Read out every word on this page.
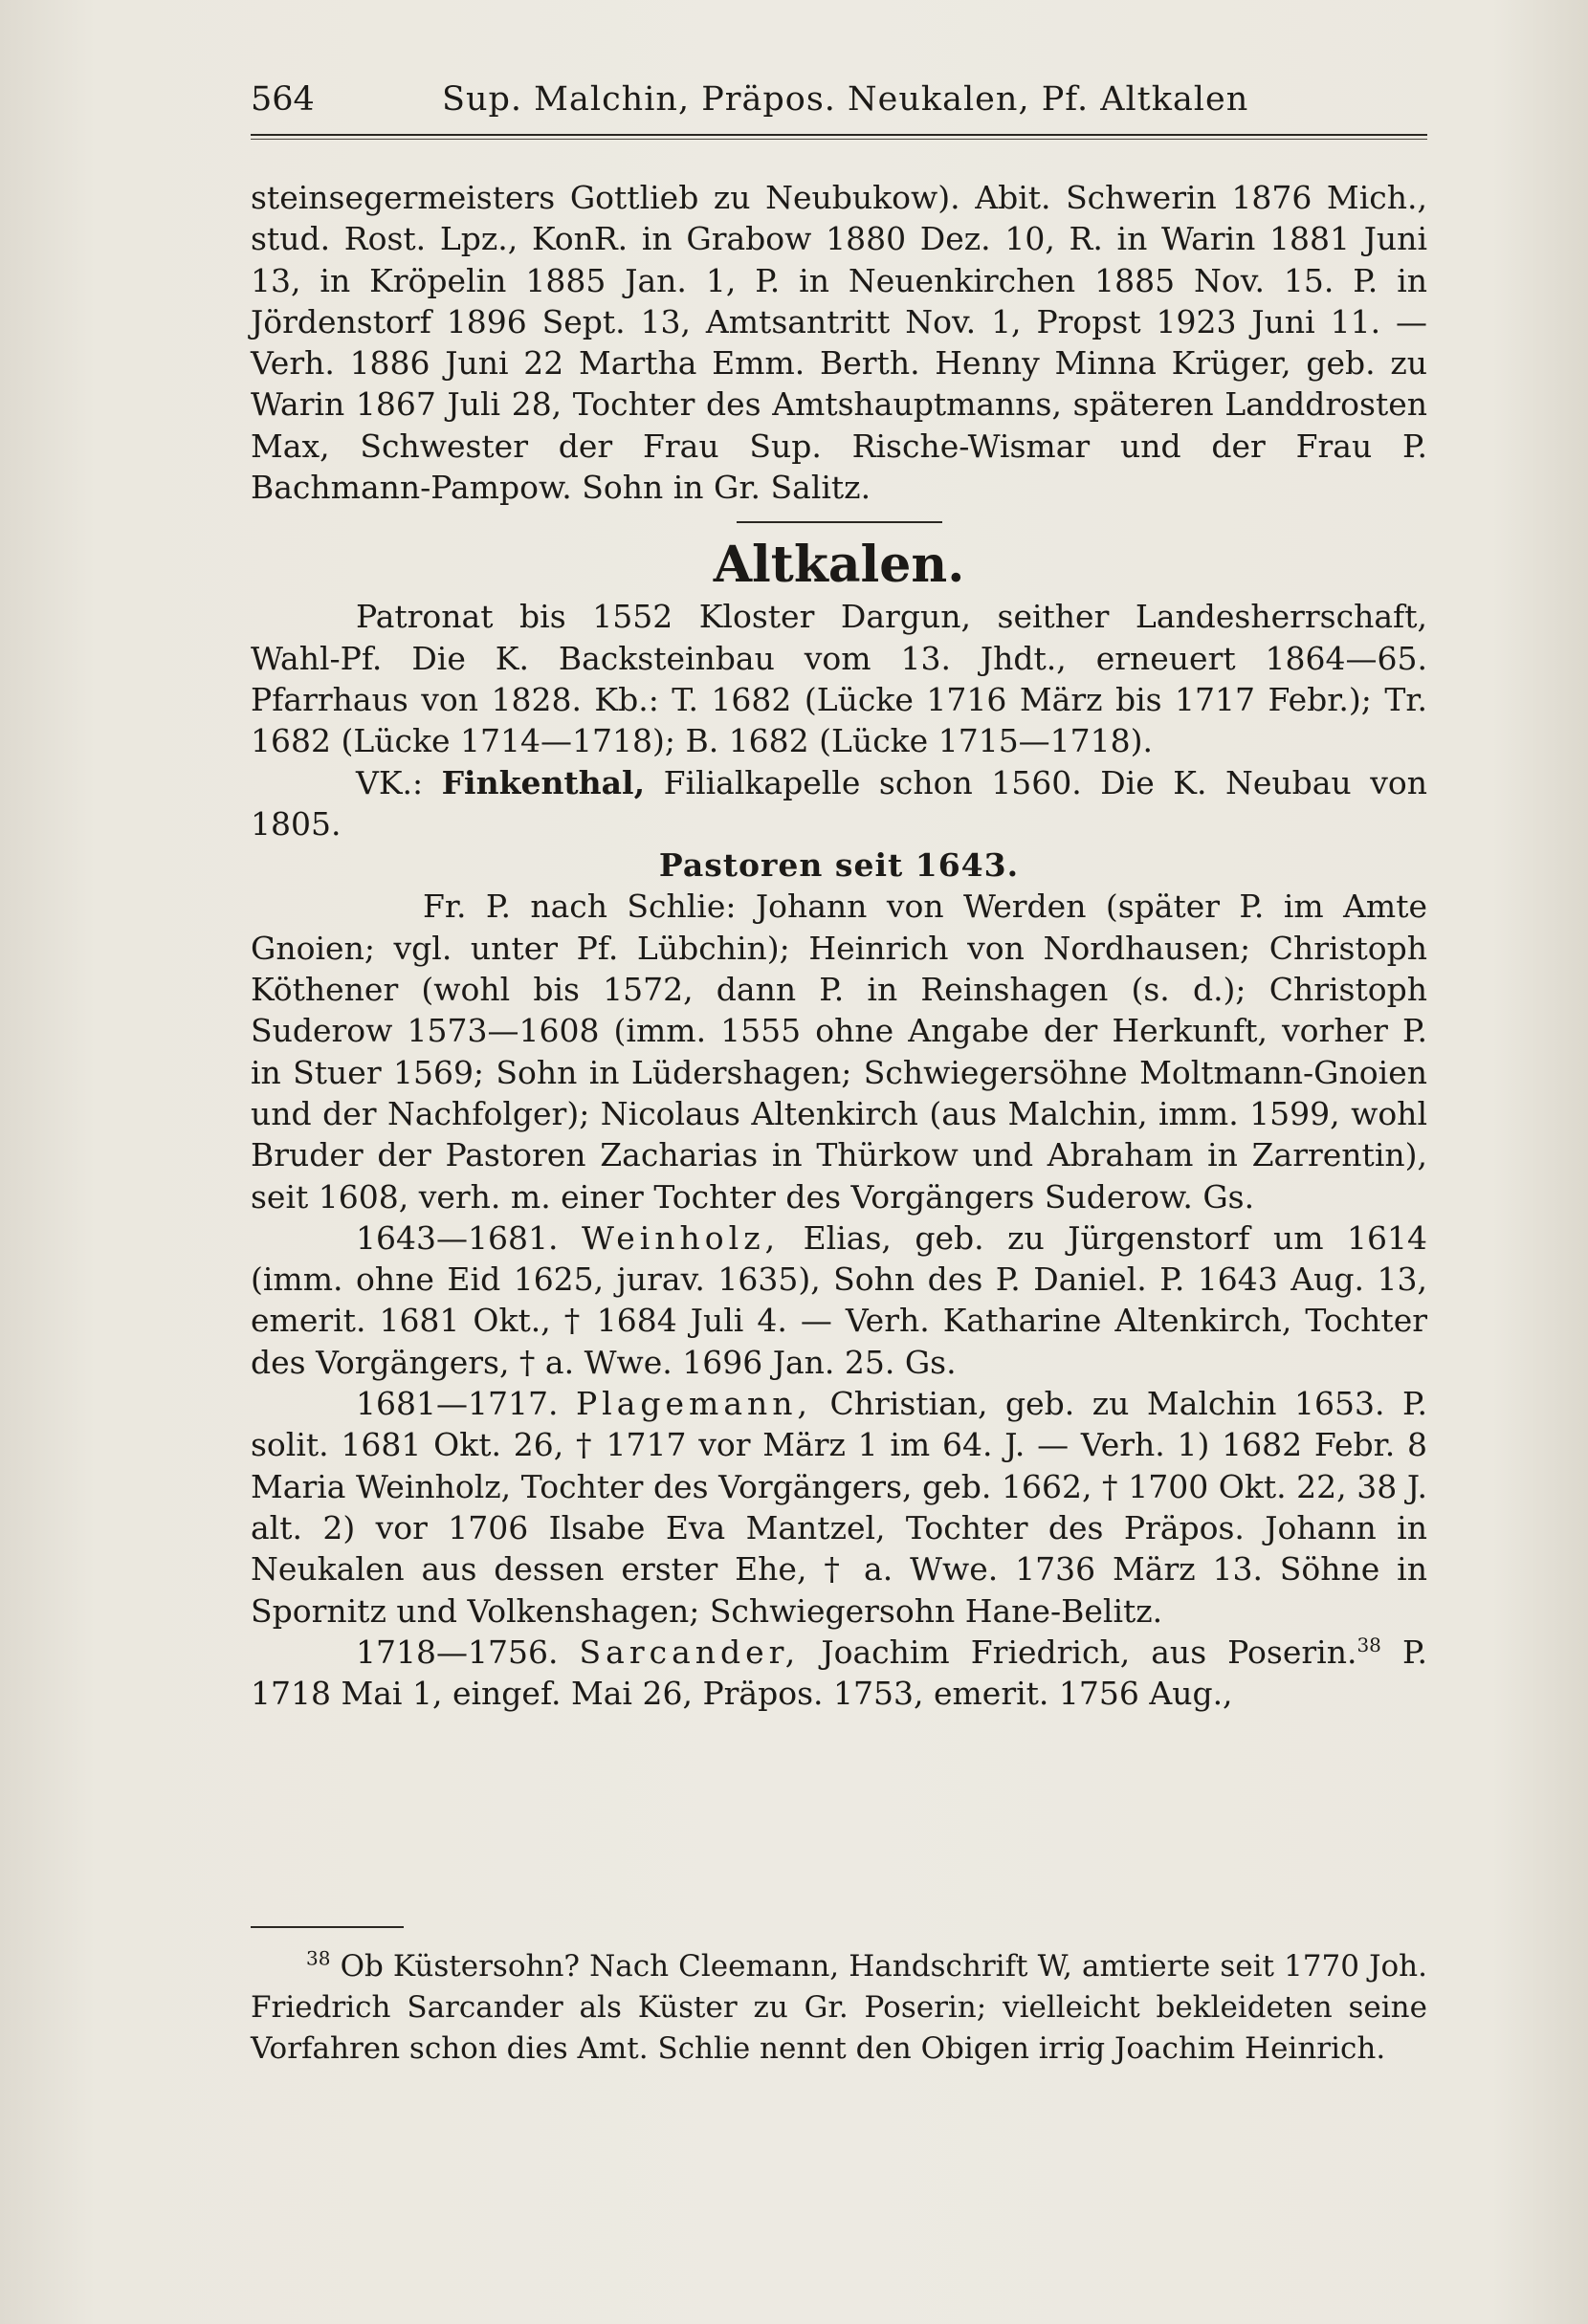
564	Sup. Malchin, Präpos. Neukalen, Pf. Altkalen

steinsegermeisters Gottlieb zu Neubukow). Abit. Schwerin 1876 Mich., stud. Rost. Lpz., KonR. in Grabow 1880 Dez. 10, R. in Warin 1881 Juni 13, in Kröpelin 1885 Jan. 1, P. in Neuenkirchen 1885 Nov. 15. P. in Jördenstorf 1896 Sept. 13, Amtsantritt Nov. 1, Propst 1923 Juni 11. — Verh. 1886 Juni 22 Martha Emm. Berth. Henny Minna Krüger, geb. zu Warin 1867 Juli 28, Tochter des Amtshauptmanns, späteren Landdrosten Max, Schwester der Frau Sup. Rische-Wismar und der Frau P. Bachmann-Pampow. Sohn in Gr. Salitz.

Altkalen.

Patronat bis 1552 Kloster Dargun, seither Landesherrschaft, Wahl-Pf. Die K. Backsteinbau vom 13. Jhdt., erneuert 1864—65. Pfarrhaus von 1828. Kb.: T. 1682 (Lücke 1716 März bis 1717 Febr.); Tr. 1682 (Lücke 1714—1718); B. 1682 (Lücke 1715—1718).

VK.: Finkenthal, Filialkapelle schon 1560. Die K. Neubau von 1805.

Pastoren seit 1643.

Fr. P. nach Schlie: Johann von Werden (später P. im Amte Gnoien; vgl. unter Pf. Lübchin); Heinrich von Nordhausen; Christoph Köthener (wohl bis 1572, dann P. in Reinshagen (s. d.); Christoph Suderow 1573—1608 (imm. 1555 ohne Angabe der Herkunft, vorher P. in Stuer 1569; Sohn in Lüdershagen; Schwiegersöhne Moltmann-Gnoien und der Nachfolger); Nicolaus Altenkirch (aus Malchin, imm. 1599, wohl Bruder der Pastoren Zacharias in Thürkow und Abraham in Zarrentin), seit 1608, verh. m. einer Tochter des Vorgängers Suderow. Gs.

1643—1681. Weinholz, Elias, geb. zu Jürgenstorf um 1614 (imm. ohne Eid 1625, jurav. 1635), Sohn des P. Daniel. P. 1643 Aug. 13, emerit. 1681 Okt., † 1684 Juli 4. — Verh. Katharine Altenkirch, Tochter des Vorgängers, † a. Wwe. 1696 Jan. 25. Gs.

1681—1717. Plagemann, Christian, geb. zu Malchin 1653. P. solit. 1681 Okt. 26, † 1717 vor März 1 im 64. J. — Verh. 1) 1682 Febr. 8 Maria Weinholz, Tochter des Vorgängers, geb. 1662, † 1700 Okt. 22, 38 J. alt. 2) vor 1706 Ilsabe Eva Mantzel, Tochter des Präpos. Johann in Neukalen aus dessen erster Ehe, † a. Wwe. 1736 März 13. Söhne in Spornitz und Volkenshagen; Schwiegersohn Hane-Belitz.

1718—1756. Sarcander, Joachim Friedrich, aus Poserin.$^{38}$ P. 1718 Mai 1, eingef. Mai 26, Präpos. 1753, emerit. 1756 Aug.,

$^{38}$ Ob Küstersohn? Nach Cleemann, Handschrift W, amtierte seit 1770 Joh. Friedrich Sarcander als Küster zu Gr. Poserin; vielleicht bekleideten seine Vorfahren schon dies Amt. Schlie nennt den Obigen irrig Joachim Heinrich.
